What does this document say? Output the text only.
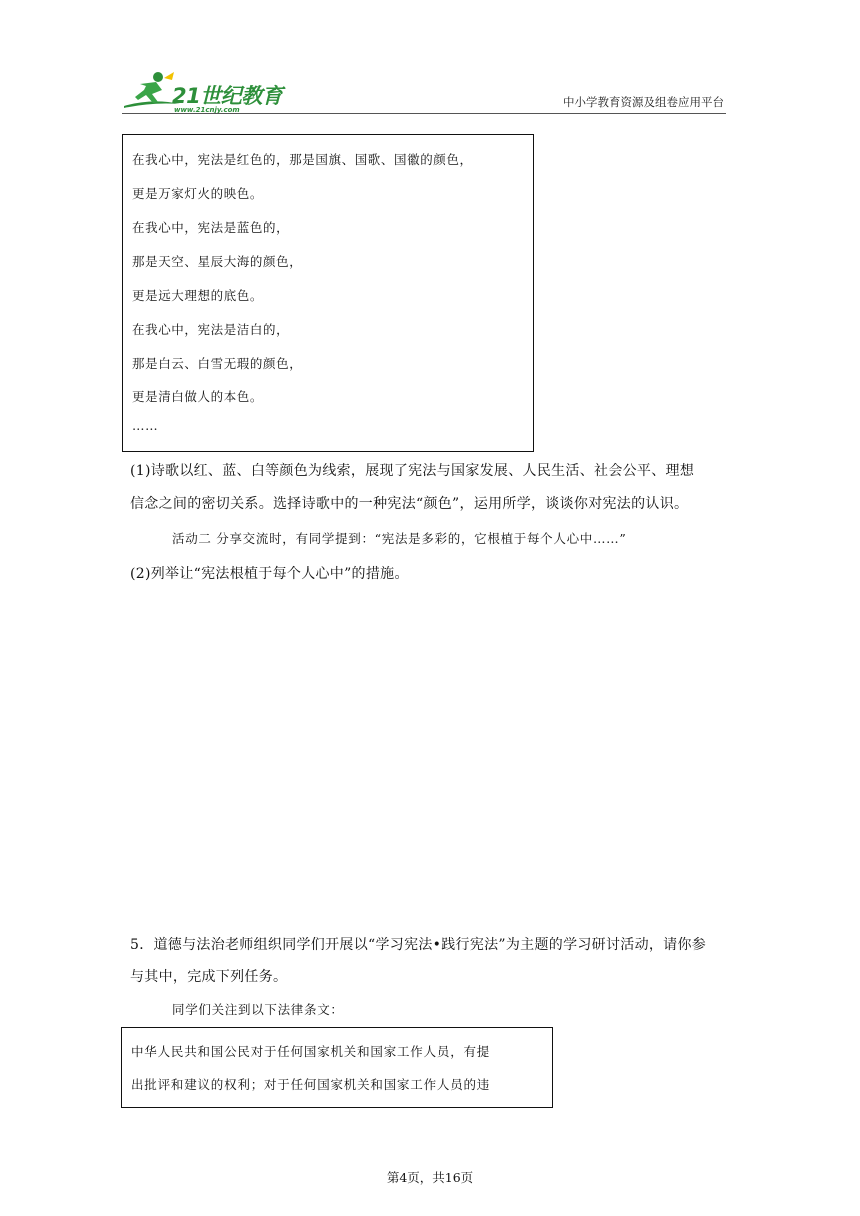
21世纪教育
www.21cnjy.com
中小学教育资源及组卷应用平台
在我心中，宪法是红色的，那是国旗、国歌、国徽的颜色，
更是万家灯火的映色。
在我心中，宪法是蓝色的，
那是天空、星辰大海的颜色，
更是远大理想的底色。
在我心中，宪法是洁白的，
那是白云、白雪无瑕的颜色，
更是清白做人的本色。
……
(1)诗歌以红、蓝、白等颜色为线索，展现了宪法与国家发展、人民生活、社会公平、理想
信念之间的密切关系。选择诗歌中的一种宪法“颜色”，运用所学，谈谈你对宪法的认识。
活动二 分享交流时，有同学提到：“宪法是多彩的，它根植于每个人心中……”
(2)列举让“宪法根植于每个人心中”的措施。
5．道德与法治老师组织同学们开展以“学习宪法•践行宪法”为主题的学习研讨活动，请你参
与其中，完成下列任务。
同学们关注到以下法律条文：
中华人民共和国公民对于任何国家机关和国家工作人员，有提
出批评和建议的权利；对于任何国家机关和国家工作人员的违
第4页，共16页
